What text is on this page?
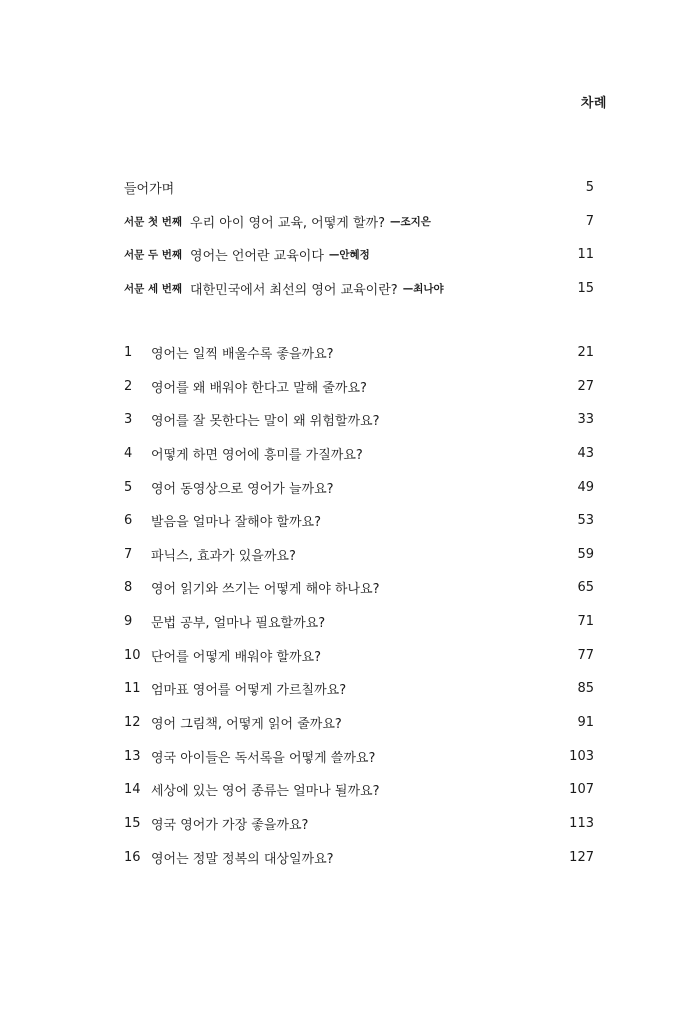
차례
들어가며	5
서문 첫 번째 우리 아이 영어 교육, 어떻게 할까? —조지은	7
서문 두 번째 영어는 언어란 교육이다 —안혜정	11
서문 세 번째 대한민국에서 최선의 영어 교육이란? —최나야	15
1	영어는 일찍 배울수록 좋을까요?	21
2	영어를 왜 배워야 한다고 말해 줄까요?	27
3	영어를 잘 못한다는 말이 왜 위험할까요?	33
4	어떻게 하면 영어에 흥미를 가질까요?	43
5	영어 동영상으로 영어가 늘까요?	49
6	발음을 얼마나 잘해야 할까요?	53
7	파닉스, 효과가 있을까요?	59
8	영어 읽기와 쓰기는 어떻게 해야 하나요?	65
9	문법 공부, 얼마나 필요할까요?	71
10 단어를 어떻게 배워야 할까요?	77
11 엄마표 영어를 어떻게 가르칠까요?	85
12 영어 그림책, 어떻게 읽어 줄까요?	91
13 영국 아이들은 독서록을 어떻게 쓸까요?	103
14 세상에 있는 영어 종류는 얼마나 될까요?	107
15 영국 영어가 가장 좋을까요?	113
16 영어는 정말 정복의 대상일까요?	127
